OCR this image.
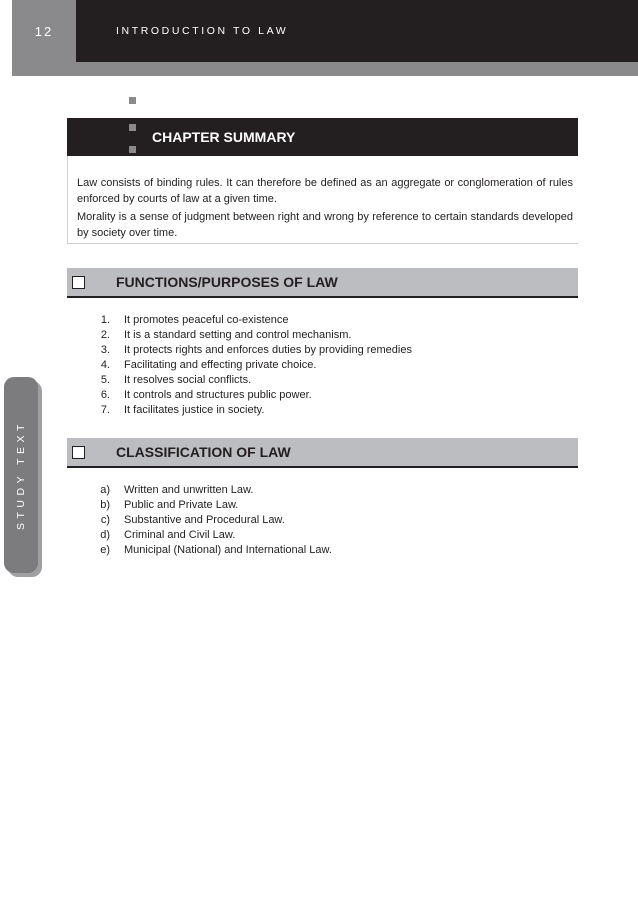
12	INTRODUCTION TO LAW
STUDY TEXT
CHAPTER SUMMARY

Law consists of binding rules. It can therefore be defined as an aggregate or conglomeration of rules enforced by courts of law at a given time.

Morality is a sense of judgment between right and wrong by reference to certain standards developed by society over time.

FUNCTIONS/PURPOSES OF LAW
1. It promotes peaceful co-existence
2. It is a standard setting and control mechanism.
3. It protects rights and enforces duties by providing remedies
4. Facilitating and effecting private choice.
5. It resolves social conflicts.
6. It controls and structures public power.
7. It facilitates justice in society.
CLASSIFICATION OF LAW
a) Written and unwritten Law.
b) Public and Private Law.
c) Substantive and Procedural Law.
d) Criminal and Civil Law.
e) Municipal (National) and International Law.
